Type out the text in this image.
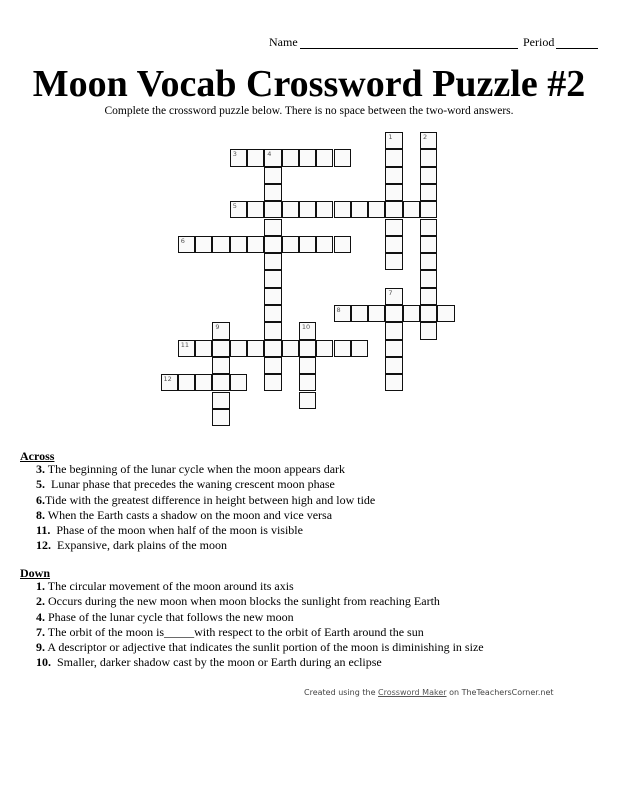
Name	Period
Moon Vocab Crossword Puzzle #2
Complete the crossword puzzle below. There is no space between the two-word answers.
1	2
3	4
5
6
7
8
9	10
11
12
Across
3. The beginning of the lunar cycle when the moon appears dark
5.  Lunar phase that precedes the waning crescent moon phase
6.Tide with the greatest difference in height between high and low tide
8. When the Earth casts a shadow on the moon and vice versa
11.  Phase of the moon when half of the moon is visible
12.  Expansive, dark plains of the moon
Down
1. The circular movement of the moon around its axis
2. Occurs during the new moon when moon blocks the sunlight from reaching Earth
4. Phase of the lunar cycle that follows the new moon
7. The orbit of the moon is_____with respect to the orbit of Earth around the sun
9. A descriptor or adjective that indicates the sunlit portion of the moon is diminishing in size
10.  Smaller, darker shadow cast by the moon or Earth during an eclipse
Created using the Crossword Maker on TheTeachersCorner.net
